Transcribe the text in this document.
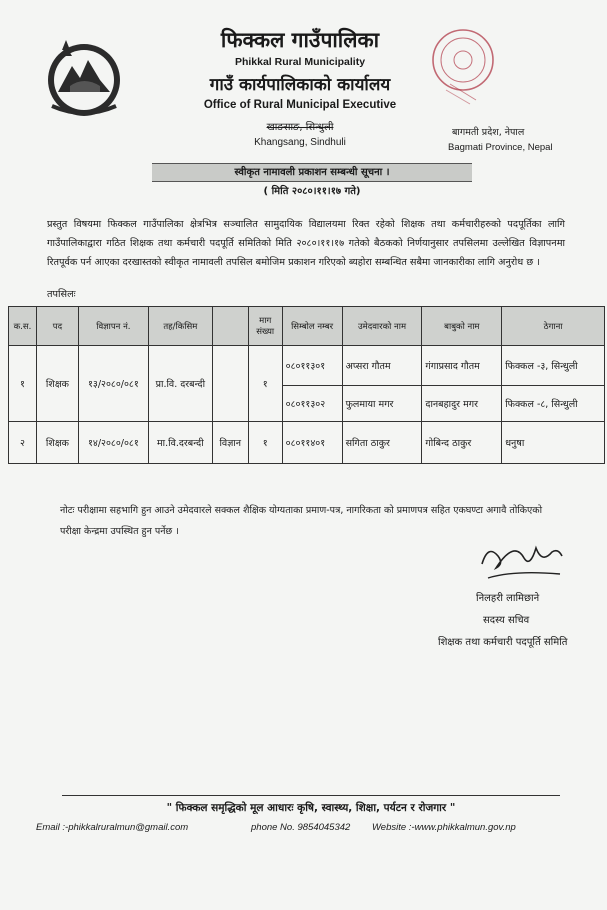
फिक्कल गाउँपालिका
Phikkal Rural Municipality
गाउँ कार्यपालिकाको कार्यालय
Office of Rural Municipal Executive
खाङसाङ, सिन्धुली
Khangsang, Sindhuli
बागमती प्रदेश, नेपाल
Bagmati Province, Nepal
स्वीकृत नामावली प्रकाशन सम्बन्धी सूचना ।
( मिति २०८०।११।१७ गते)
प्रस्तुत विषयमा फिक्कल गाउँपालिका क्षेत्रभित्र सञ्चालित सामुदायिक विद्यालयमा रिक्त रहेको शिक्षक तथा कर्मचारीहरुको पदपूर्तिका लागि गाउँपालिकाद्वारा गठित शिक्षक तथा कर्मचारी पदपूर्ति समितिको मिति २०८०।११।१७ गतेको बैठकको निर्णयानुसार तपसिलमा उल्लेखित विज्ञापनमा रितपूर्वक पर्न आएका दरखास्तको स्वीकृत नामावली तपसिल बमोजिम प्रकाशन गरिएको ब्यहोरा सम्बन्धित सबैमा जानकारीका लागि अनुरोध छ ।
तपसिलः
क.स.	पद	विज्ञापन नं.	तह/किसिम		माग संख्या	सिम्बोल नम्बर	उमेदवारको नाम	बाबुको नाम	ठेगाना
१	शिक्षक	१३/२०८०/०८१	प्रा.वि. दरबन्दी		१	०८०११३०१	अप्सरा गौतम	गंगाप्रसाद गौतम	फिक्कल -३, सिन्धुली
						०८०११३०२	फुलमाया मगर	दानबहादुर मगर	फिक्कल -८, सिन्धुली
२	शिक्षक	१४/२०८०/०८१	मा.वि.दरबन्दी	विज्ञान	१	०८०११४०१	सगिता ठाकुर	गोबिन्द ठाकुर	धनुषा
नोटः परीक्षामा सहभागि हुन आउने उमेदवारले सक्कल शैक्षिक योग्यताका प्रमाण-पत्र, नागरिकता को प्रमाणपत्र सहित एकघण्टा अगावै तोकिएको परीक्षा केन्द्रमा उपस्थित हुन पर्नेछ ।
निलहरी लामिछाने
सदस्य सचिव
शिक्षक तथा कर्मचारी पदपूर्ति समिति
" फिक्कल समृद्धिको मूल आधारः कृषि, स्वास्थ्य, शिक्षा, पर्यटन र रोजगार "
Email :-phikkalruralmun@gmail.com	phone No. 9854045342 Website :-www.phikkalmun.gov.np
